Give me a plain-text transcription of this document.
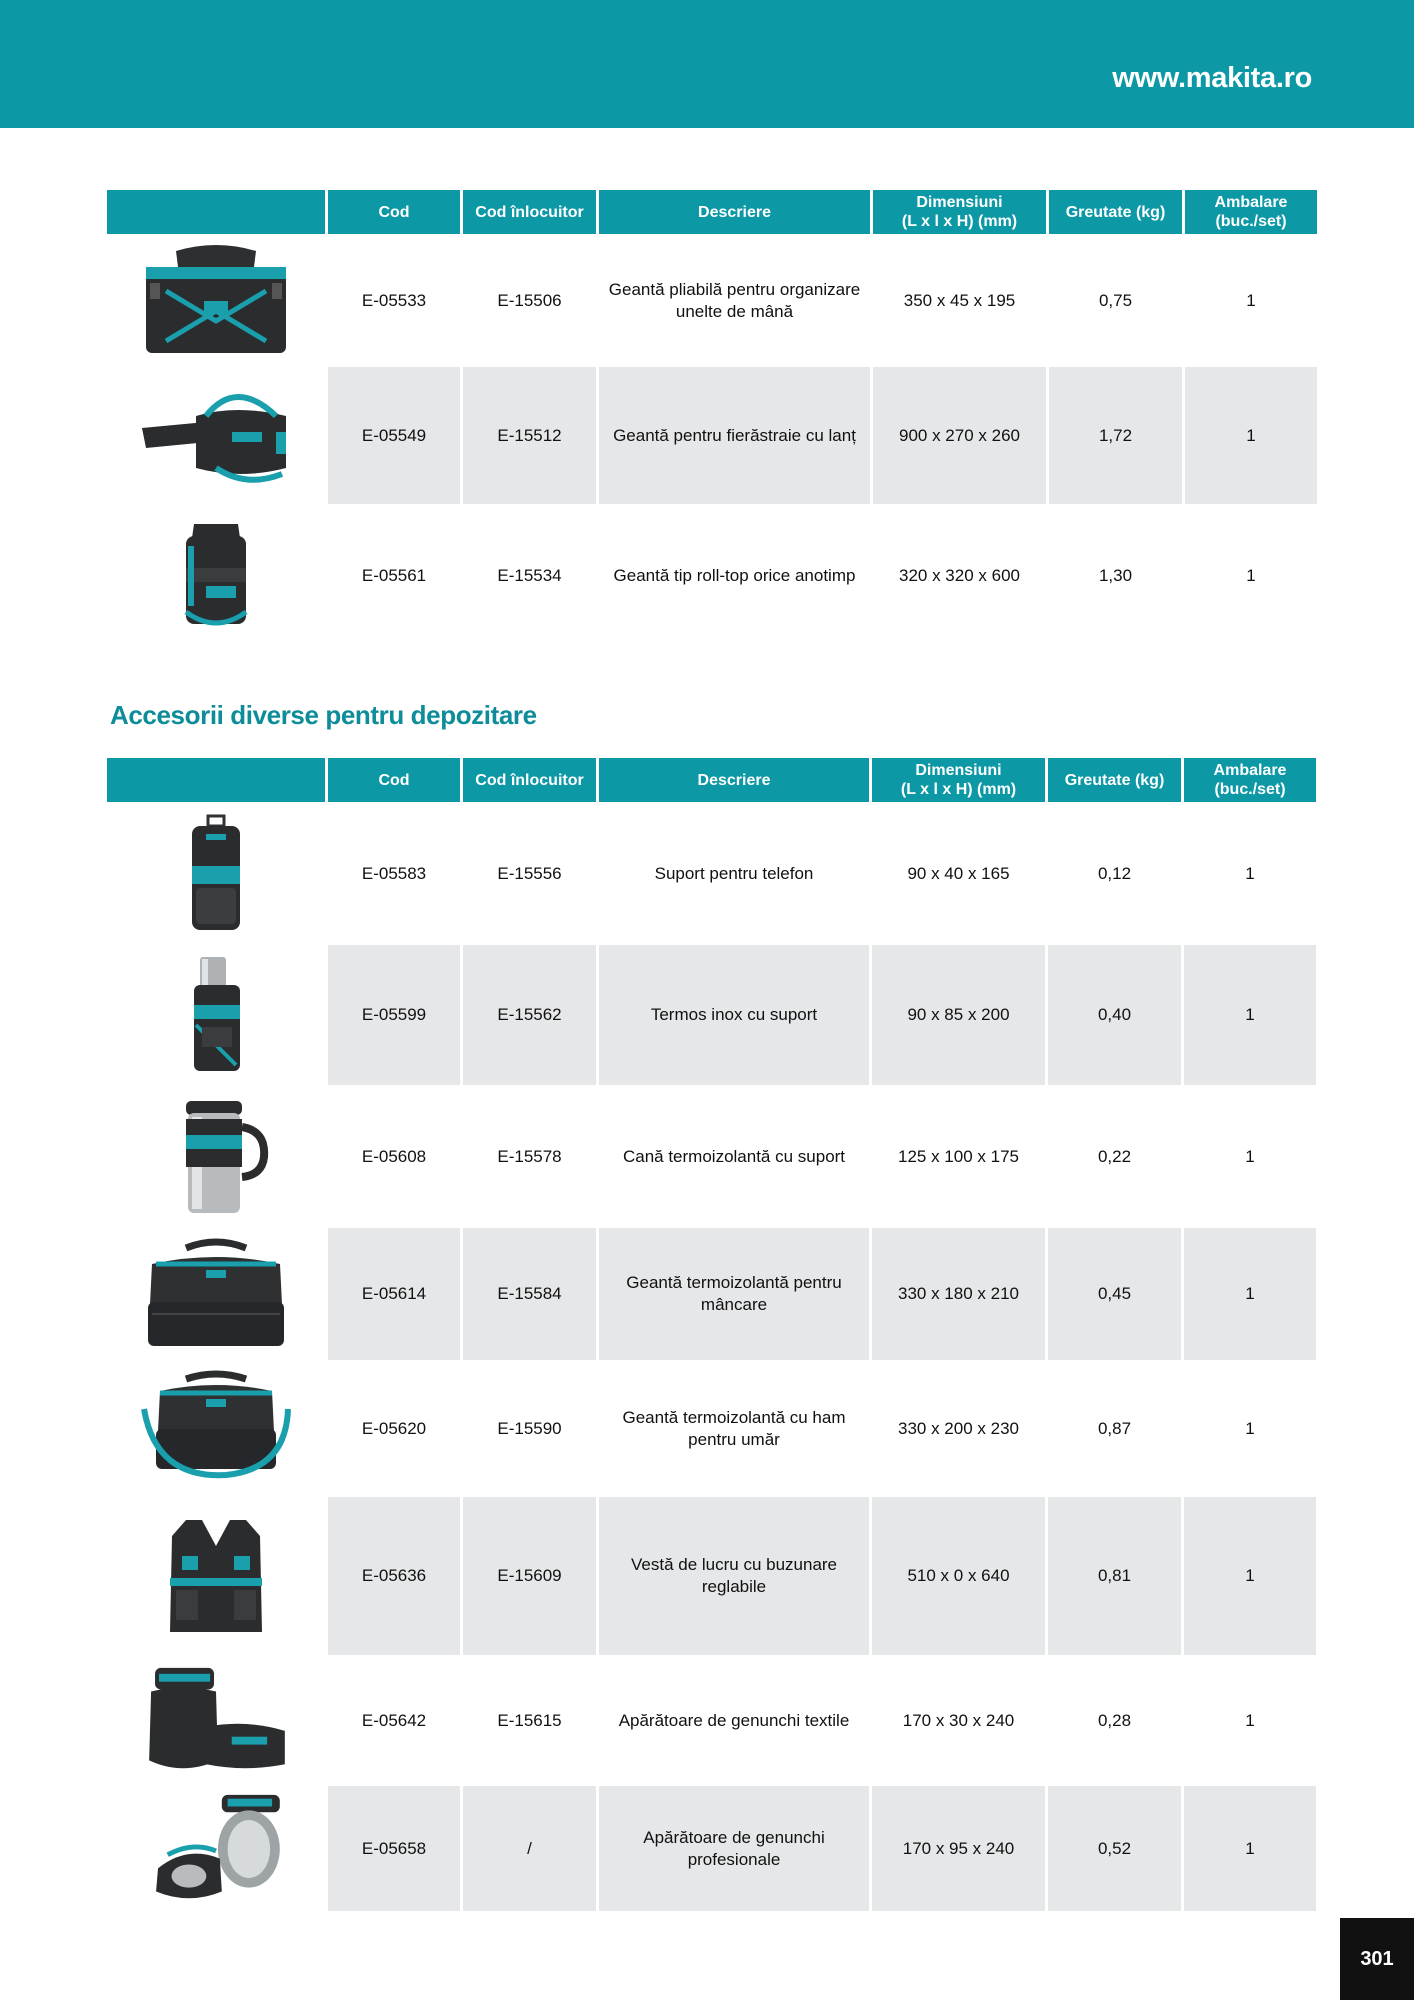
www.makita.ro
	Cod	Cod înlocuitor	Descriere	Dimensiuni
(L x l x H) (mm)	Greutate (kg)	Ambalare
(buc./set)

	E-05533	E-15506	Geantă pliabilă pentru organizare unelte de mână	350 x 45 x 195	0,75	1

	E-05549	E-15512	Geantă pentru fierăstraie cu lanț	900 x 270 x 260	1,72	1

	E-05561	E-15534	Geantă tip roll-top orice anotimp	320 x 320 x 600	1,30	1
Accesorii diverse pentru depozitare
	Cod	Cod înlocuitor	Descriere	Dimensiuni
(L x l x H) (mm)	Greutate (kg)	Ambalare
(buc./set)

	E-05583	E-15556	Suport pentru telefon	90 x 40 x 165	0,12	1

	E-05599	E-15562	Termos inox cu suport	90 x 85 x 200	0,40	1

	E-05608	E-15578	Cană termoizolantă cu suport	125 x 100 x 175	0,22	1

	E-05614	E-15584	Geantă termoizolantă pentru mâncare	330 x 180 x 210	0,45	1

	E-05620	E-15590	Geantă termoizolantă cu ham pentru umăr	330 x 200 x 230	0,87	1

	E-05636	E-15609	Vestă de lucru cu buzunare reglabile	510 x 0 x 640	0,81	1

	E-05642	E-15615	Apărătoare de genunchi textile	170 x 30 x 240	0,28	1

	E-05658	/	Apărătoare de genunchi profesionale	170 x 95 x 240	0,52	1
301
